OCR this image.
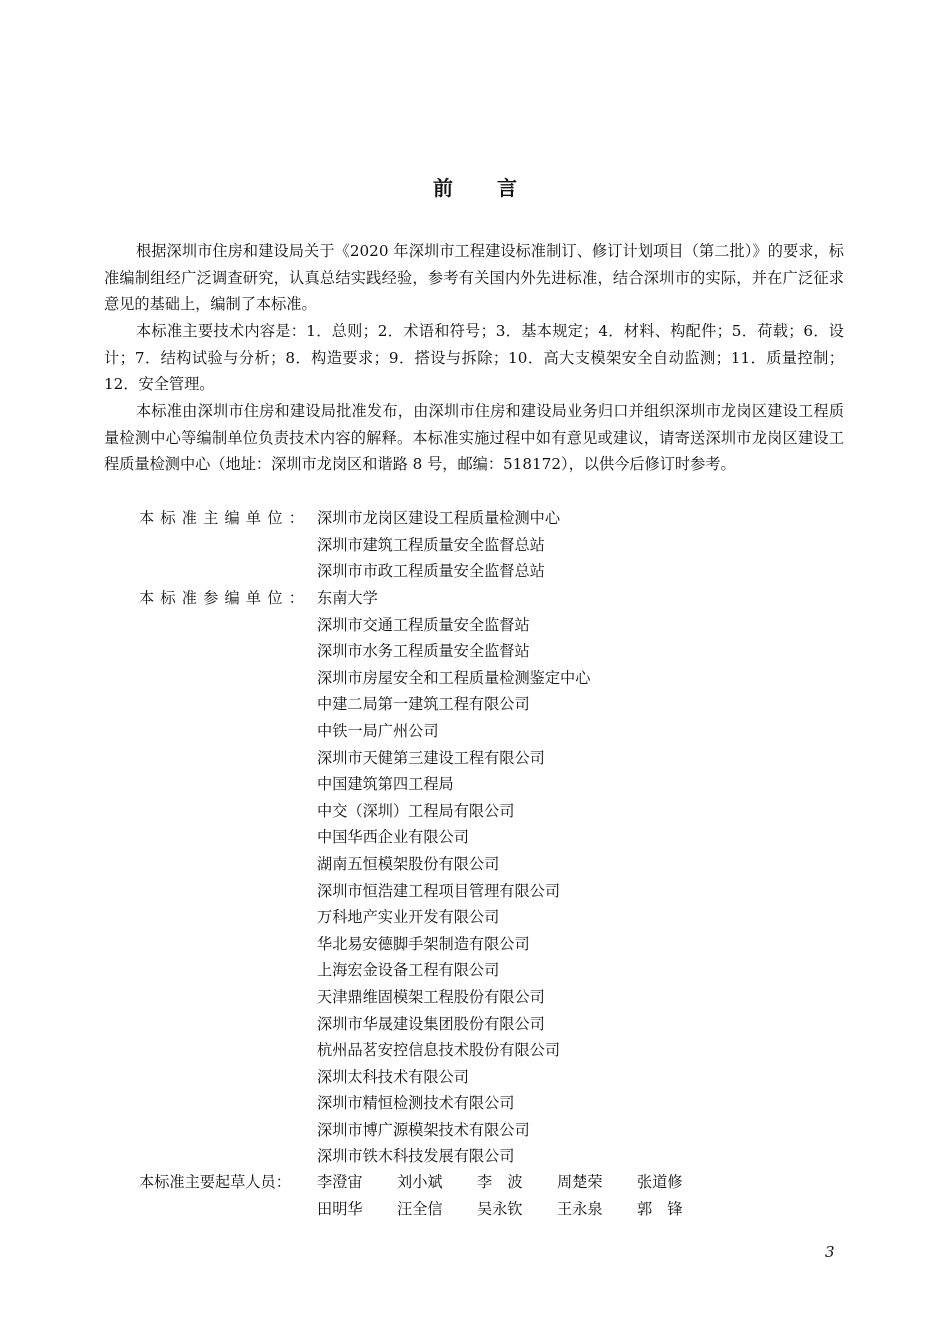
前 言

根据深圳市住房和建设局关于《2020 年深圳市工程建设标准制订、修订计划项目（第二批）》的要求，标准编制组经广泛调查研究，认真总结实践经验，参考有关国内外先进标准，结合深圳市的实际，并在广泛征求意见的基础上，编制了本标准。

本标准主要技术内容是：1．总则；2．术语和符号；3．基本规定；4．材料、构配件；5．荷载；6．设计；7．结构试验与分析；8．构造要求；9．搭设与拆除；10．高大支模架安全自动监测；11．质量控制；12．安全管理。

本标准由深圳市住房和建设局批准发布，由深圳市住房和建设局业务归口并组织深圳市龙岗区建设工程质量检测中心等编制单位负责技术内容的解释。本标准实施过程中如有意见或建议，请寄送深圳市龙岗区建设工程质量检测中心（地址：深圳市龙岗区和谐路 8 号，邮编：518172），以供今后修订时参考。

本标准主编单位： 深圳市龙岗区建设工程质量检测中心
深圳市建筑工程质量安全监督总站
深圳市市政工程质量安全监督总站
本标准参编单位： 东南大学
深圳市交通工程质量安全监督站
深圳市水务工程质量安全监督站
深圳市房屋安全和工程质量检测鉴定中心
中建二局第一建筑工程有限公司
中铁一局广州公司
深圳市天健第三建设工程有限公司
中国建筑第四工程局
中交（深圳）工程局有限公司
中国华西企业有限公司
湖南五恒模架股份有限公司
深圳市恒浩建工程项目管理有限公司
万科地产实业开发有限公司
华北易安德脚手架制造有限公司
上海宏金设备工程有限公司
天津鼎维固模架工程股份有限公司
深圳市华晟建设集团股份有限公司
杭州品茗安控信息技术股份有限公司
深圳太科技术有限公司
深圳市精恒检测技术有限公司
深圳市博广源模架技术有限公司
深圳市铁木科技发展有限公司
本标准主要起草人员：	李澄宙 刘小斌 李　波 周楚荣 张道修
田明华 汪全信 吴永钦 王永泉 郭　锋
3
